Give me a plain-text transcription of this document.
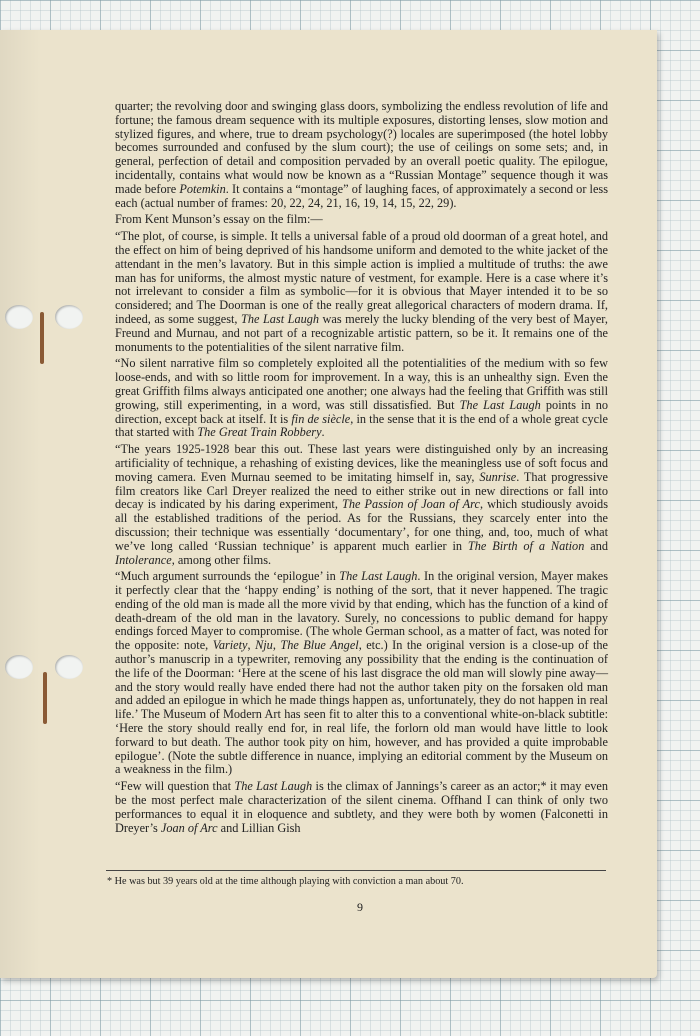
quarter; the revolving door and swinging glass doors, symbolizing the endless revolution of life and fortune; the famous dream sequence with its multiple exposures, distorting lenses, slow motion and stylized figures, and where, true to dream psychology(?) locales are superimposed (the hotel lobby becomes surrounded and confused by the slum court); the use of ceilings on some sets; and, in general, perfection of detail and composition pervaded by an overall poetic quality. The epilogue, incidentally, contains what would now be known as a “Russian Montage” sequence though it was made before Potemkin. It contains a “montage” of laughing faces, of approximately a second or less each (actual number of frames: 20, 22, 24, 21, 16, 19, 14, 15, 22, 29).

From Kent Munson’s essay on the film:—

“The plot, of course, is simple. It tells a universal fable of a proud old doorman of a great hotel, and the effect on him of being deprived of his handsome uniform and demoted to the white jacket of the attendant in the men’s lavatory. But in this simple action is implied a multitude of truths: the awe man has for uniforms, the almost mystic nature of vestment, for example. Here is a case where it’s not irrelevant to consider a film as symbolic—for it is obvious that Mayer intended it to be so considered; and The Doorman is one of the really great allegorical characters of modern drama. If, indeed, as some suggest, The Last Laugh was merely the lucky blending of the very best of Mayer, Freund and Murnau, and not part of a recognizable artistic pattern, so be it. It remains one of the monuments to the potentialities of the silent narrative film.

“No silent narrative film so completely exploited all the potentialities of the medium with so few loose-ends, and with so little room for improvement. In a way, this is an unhealthy sign. Even the great Griffith films always anticipated one another; one always had the feeling that Griffith was still growing, still experimenting, in a word, was still dissatisfied. But The Last Laugh points in no direction, except back at itself. It is fin de siècle, in the sense that it is the end of a whole great cycle that started with The Great Train Robbery.

“The years 1925-1928 bear this out. These last years were distinguished only by an increasing artificiality of technique, a rehashing of existing devices, like the meaningless use of soft focus and moving camera. Even Murnau seemed to be imitating himself in, say, Sunrise. That progressive film creators like Carl Dreyer realized the need to either strike out in new directions or fall into decay is indicated by his daring experiment, The Passion of Joan of Arc, which studiously avoids all the established traditions of the period. As for the Russians, they scarcely enter into the discussion; their technique was essentially ‘documentary’, for one thing, and, too, much of what we’ve long called ‘Russian technique’ is apparent much earlier in The Birth of a Nation and Intolerance, among other films.

“Much argument surrounds the ‘epilogue’ in The Last Laugh. In the original version, Mayer makes it perfectly clear that the ‘happy ending’ is nothing of the sort, that it never happened. The tragic ending of the old man is made all the more vivid by that ending, which has the function of a kind of death-dream of the old man in the lavatory. Surely, no concessions to public demand for happy endings forced Mayer to compromise. (The whole German school, as a matter of fact, was noted for the opposite: note, Variety, Nju, The Blue Angel, etc.) In the original version is a close-up of the author’s manuscrip in a typewriter, removing any possibility that the ending is the continuation of the life of the Doorman: ‘Here at the scene of his last disgrace the old man will slowly pine away—and the story would really have ended there had not the author taken pity on the forsaken old man and added an epilogue in which he made things happen as, unfortunately, they do not happen in real life.’ The Museum of Modern Art has seen fit to alter this to a conventional white-on-black subtitle: ‘Here the story should really end for, in real life, the forlorn old man would have little to look forward to but death. The author took pity on him, however, and has provided a quite improbable epilogue’. (Note the subtle difference in nuance, implying an editorial comment by the Museum on a weakness in the film.)

“Few will question that The Last Laugh is the climax of Jannings’s career as an actor;* it may even be the most perfect male characterization of the silent cinema. Offhand I can think of only two performances to equal it in eloquence and subtlety, and they were both by women (Falconetti in Dreyer’s Joan of Arc and Lillian Gish

* He was but 39 years old at the time although playing with conviction a man about 70.
9
